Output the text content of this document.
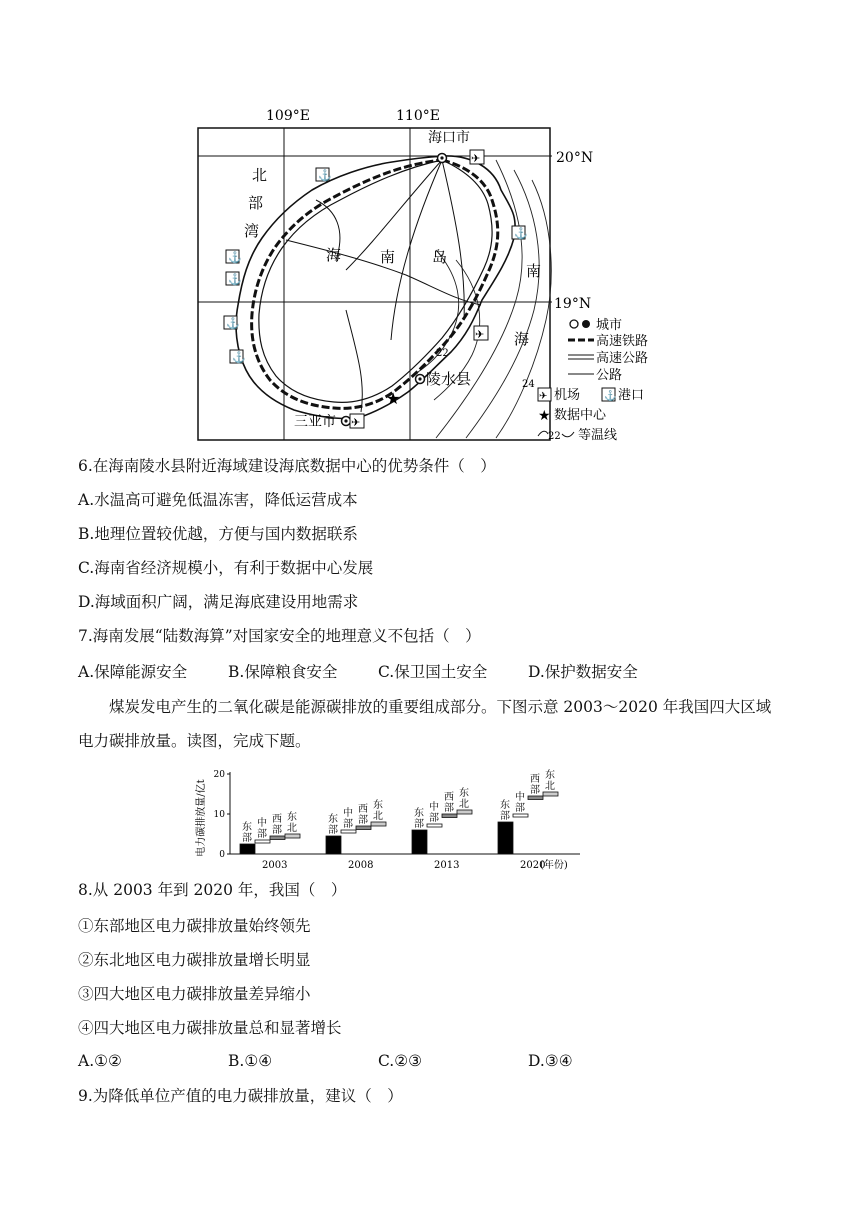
109°E	110°E
20°N
19°N
22
24
北
部
湾
海	南 岛
南
海
海口市
陵水县
三亚市
★
✈
✈
✈
⚓
⚓
⚓
⚓
⚓
⚓
城市
高速铁路
高速公路
公路
✈ 机场 ⚓ 港口
★ 数据中心
22 等温线
6.在海南陵水县附近海域建设海底数据中心的优势条件（　）
A.水温高可避免低温冻害，降低运营成本
B.地理位置较优越，方便与国内数据联系
C.海南省经济规模小，有利于数据中心发展
D.海域面积广阔，满足海底建设用地需求
7.海南发展“陆数海算”对国家安全的地理意义不包括（　）
A.保障能源安全	B.保障粮食安全	C.保卫国土安全	D.保护数据安全
煤炭发电产生的二氧化碳是能源碳排放的重要组成部分。下图示意 2003～2020 年我国四大区域电力碳排放量。读图，完成下题。
电力碳排放量/亿t 0
10
20
东
部
中
部
西
部
东
北
东
部
中
部
西
部
东
北	东
部
中
部
西
部
东
北	东
部
中
部
西
部
东
北
2003	2008	2013	2020
(年份)
8.从 2003 年到 2020 年，我国（　）
①东部地区电力碳排放量始终领先
②东北地区电力碳排放量增长明显
③四大地区电力碳排放量差异缩小
④四大地区电力碳排放量总和显著增长
A.①②	B.①④	C.②③	D.③④
9.为降低单位产值的电力碳排放量，建议（　）
